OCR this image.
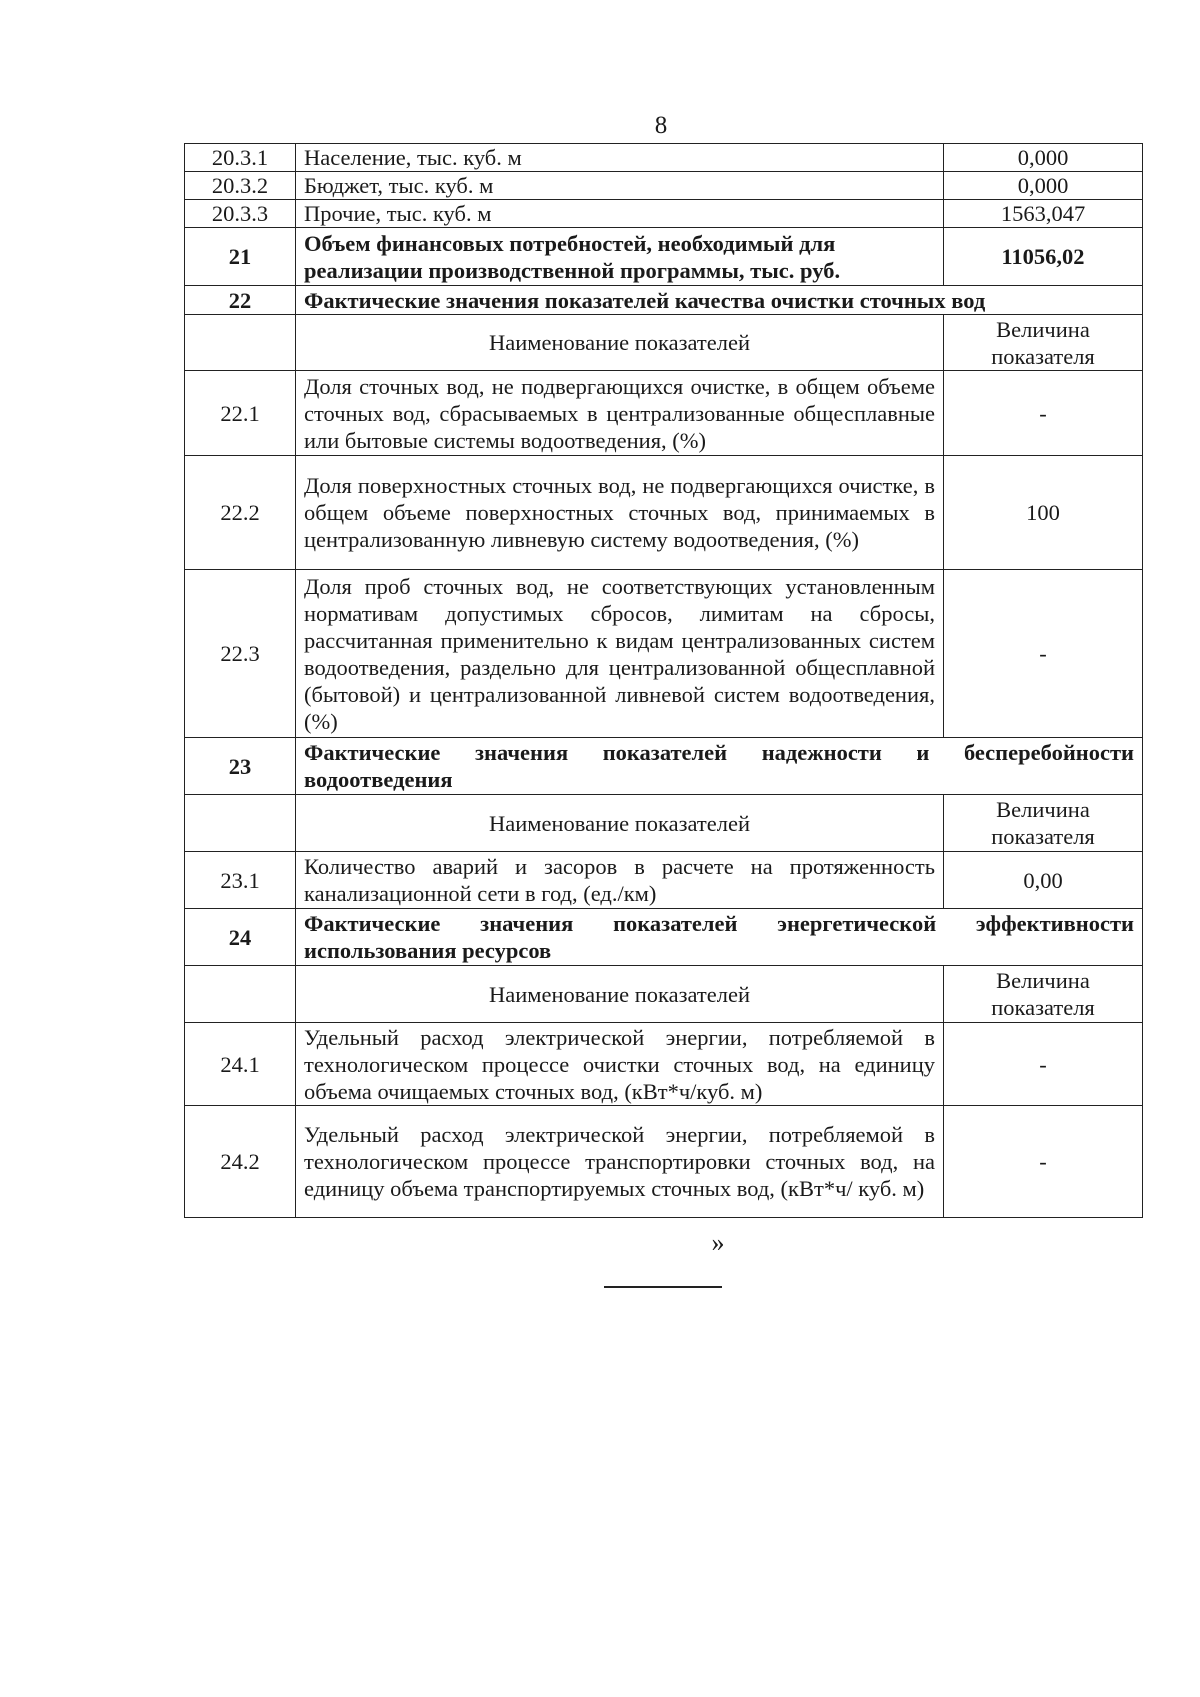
8
20.3.1	Население, тыс. куб. м	0,000
20.3.2	Бюджет, тыс. куб. м	0,000
20.3.3	Прочие, тыс. куб. м	1563,047
21	Объем финансовых потребностей, необходимый для реализации производственной программы, тыс. руб.	11056,02
22	Фактические значения показателей качества очистки сточных вод	
	Наименование показателей	Величина показателя
22.1	Доля сточных вод, не подвергающихся очистке, в общем объеме сточных вод, сбрасываемых в централизованные общесплавные или бытовые системы водоотведения, (%)	-
22.2	Доля поверхностных сточных вод, не подвергающихся очистке, в общем объеме поверхностных сточных вод, принимаемых в централизованную ливневую систему водоотведения, (%)	100
22.3	Доля проб сточных вод, не соответствующих установленным нормативам допустимых сбросов, лимитам на сбросы, рассчитанная применительно к видам централизованных систем водоотведения, раздельно для централизованной общесплавной (бытовой) и централизованной ливневой систем водоотведения, (%)	-
23	Фактические значения показателей надежности и бесперебойности водоотведения	
	Наименование показателей	Величина показателя
23.1	Количество аварий и засоров в расчете на протяженность канализационной сети в год, (ед./км)	0,00
24	Фактические значения показателей энергетической эффективности использования ресурсов	
	Наименование показателей	Величина показателя
24.1	Удельный расход электрической энергии, потребляемой в технологическом процессе очистки сточных вод, на единицу объема очищаемых сточных вод, (кВт*ч/куб. м)	-
24.2	Удельный расход электрической энергии, потребляемой в технологическом процессе транспортировки сточных вод, на единицу объема транспортируемых сточных вод, (кВт*ч/ куб. м)	-
»
